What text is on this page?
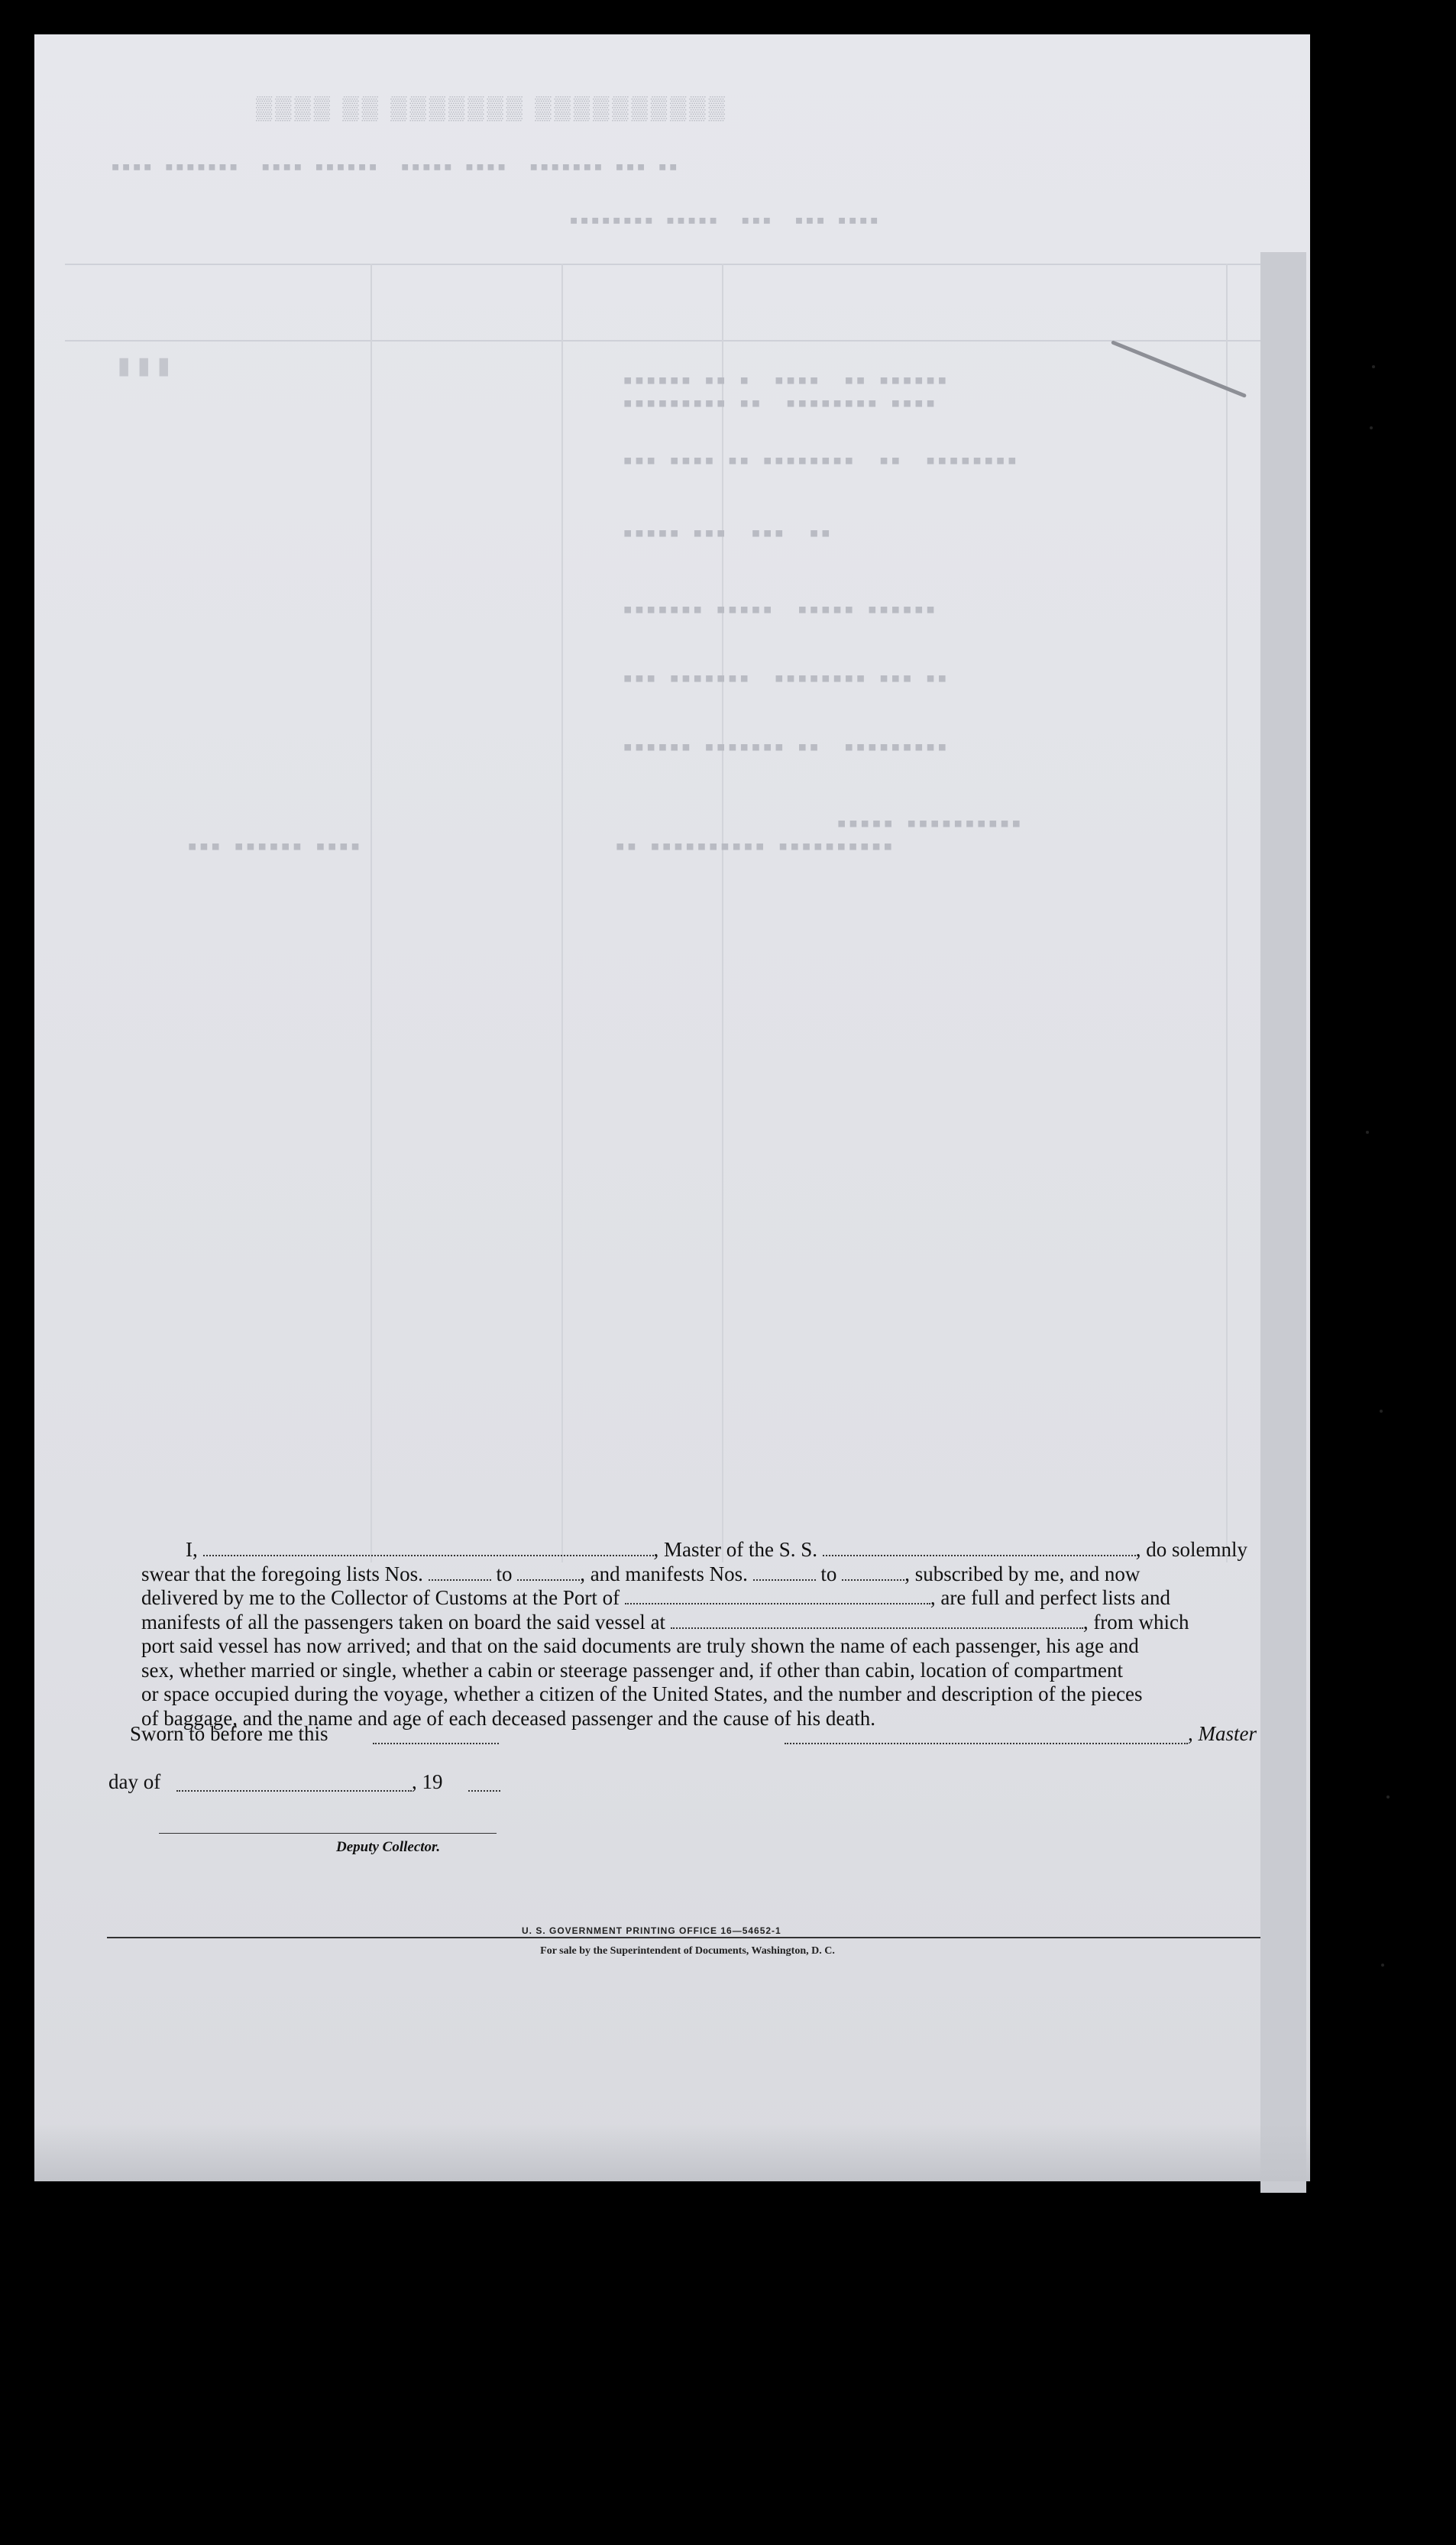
▒▒▒▒ ▒▒ ▒▒▒▒▒▒▒ ▒▒▒▒▒▒▒▒▒▒
▪▪▪▪ ▪▪▪▪▪▪▪  ▪▪▪▪ ▪▪▪▪▪▪  ▪▪▪▪▪ ▪▪▪▪  ▪▪▪▪▪▪▪ ▪▪▪ ▪▪
▪▪▪▪▪▪▪▪ ▪▪▪▪▪  ▪▪▪  ▪▪▪ ▪▪▪▪
▮▮▮	▪▪▪▪▪▪ ▪▪ ▪  ▪▪▪▪  ▪▪ ▪▪▪▪▪▪
▪▪▪▪▪▪▪▪▪ ▪▪  ▪▪▪▪▪▪▪▪ ▪▪▪▪
▪▪▪ ▪▪▪▪ ▪▪ ▪▪▪▪▪▪▪▪  ▪▪  ▪▪▪▪▪▪▪▪
▪▪▪▪▪ ▪▪▪  ▪▪▪  ▪▪
▪▪▪▪▪▪▪ ▪▪▪▪▪  ▪▪▪▪▪ ▪▪▪▪▪▪
▪▪▪ ▪▪▪▪▪▪▪  ▪▪▪▪▪▪▪▪ ▪▪▪ ▪▪
▪▪▪▪▪▪ ▪▪▪▪▪▪▪ ▪▪  ▪▪▪▪▪▪▪▪▪
▪▪▪ ▪▪▪▪▪▪ ▪▪▪▪	▪▪ ▪▪▪▪▪▪▪▪▪▪ ▪▪▪▪▪▪▪▪▪▪
▪▪▪▪▪ ▪▪▪▪▪▪▪▪▪▪
I,	, Master of the S. S.	, do solemnly
swear that the foregoing lists Nos.	to	, and manifests Nos.	to	, subscribed by me, and now
delivered by me to the Collector of Customs at the Port of	, are full and perfect lists and
manifests of all the passengers taken on board the said vessel at	, from which
port said vessel has now arrived; and that on the said documents are truly shown the name of each passenger, his age and
sex, whether married or single, whether a cabin or steerage passenger and, if other than cabin, location of compartment
or space occupied during the voyage, whether a citizen of the United States, and the number and description of the pieces
of baggage, and the name and age of each deceased passenger and the cause of his death.
Sworn to before me this	, Master
day of	, 19
Deputy Collector.
U. S. GOVERNMENT PRINTING OFFICE 16—54652-1
For sale by the Superintendent of Documents, Washington, D. C.
